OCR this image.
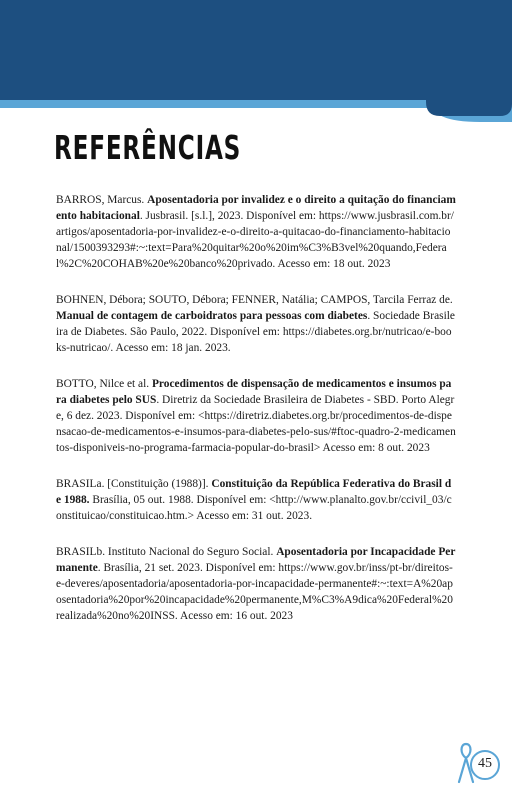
REFERÊNCIAS

BARROS, Marcus. Aposentadoria por invalidez e o direito a quitação do financiamento habitacional. Jusbrasil. [s.l.], 2023. Disponível em: https://www.jusbrasil.com.br/artigos/aposentadoria-por-invalidez-e-o-direito-a-quitacao-do-financiamento-habitacional/1500393293#:~:text=Para%20quitar%20o%20im%C3%B3vel%20quando,Federal%2C%20COHAB%20e%20banco%20privado. Acesso em: 18 out. 2023

BOHNEN, Débora; SOUTO, Débora; FENNER, Natália; CAMPOS, Tarcila Ferraz de. Manual de contagem de carboidratos para pessoas com diabetes. Sociedade Brasileira de Diabetes. São Paulo, 2022. Disponível em: https://diabetes.org.br/nutricao/e-books-nutricao/. Acesso em: 18 jan. 2023.

BOTTO, Nilce et al. Procedimentos de dispensação de medicamentos e insumos para diabetes pelo SUS. Diretriz da Sociedade Brasileira de Diabetes - SBD. Porto Alegre, 6 dez. 2023. Disponível em: <https://diretriz.diabetes.org.br/procedimentos-de-dispensacao-de-medicamentos-e-insumos-para-diabetes-pelo-sus/#ftoc-quadro-2-medicamentos-disponiveis-no-programa-farmacia-popular-do-brasil> Acesso em: 8 out. 2023

BRASILa. [Constituição (1988)]. Constituição da República Federativa do Brasil de 1988. Brasília, 05 out. 1988. Disponível em: <http://www.planalto.gov.br/ccivil_03/constituicao/constituicao.htm.> Acesso em: 31 out. 2023.

BRASILb. Instituto Nacional do Seguro Social. Aposentadoria por Incapacidade Permanente. Brasília, 21 set. 2023. Disponível em: https://www.gov.br/inss/pt-br/direitos-e-deveres/aposentadoria/aposentadoria-por-incapacidade-permanente#:~:text=A%20aposentadoria%20por%20incapacidade%20permanente,M%C3%A9dica%20Federal%20realizada%20no%20INSS. Acesso em: 16 out. 2023

45
